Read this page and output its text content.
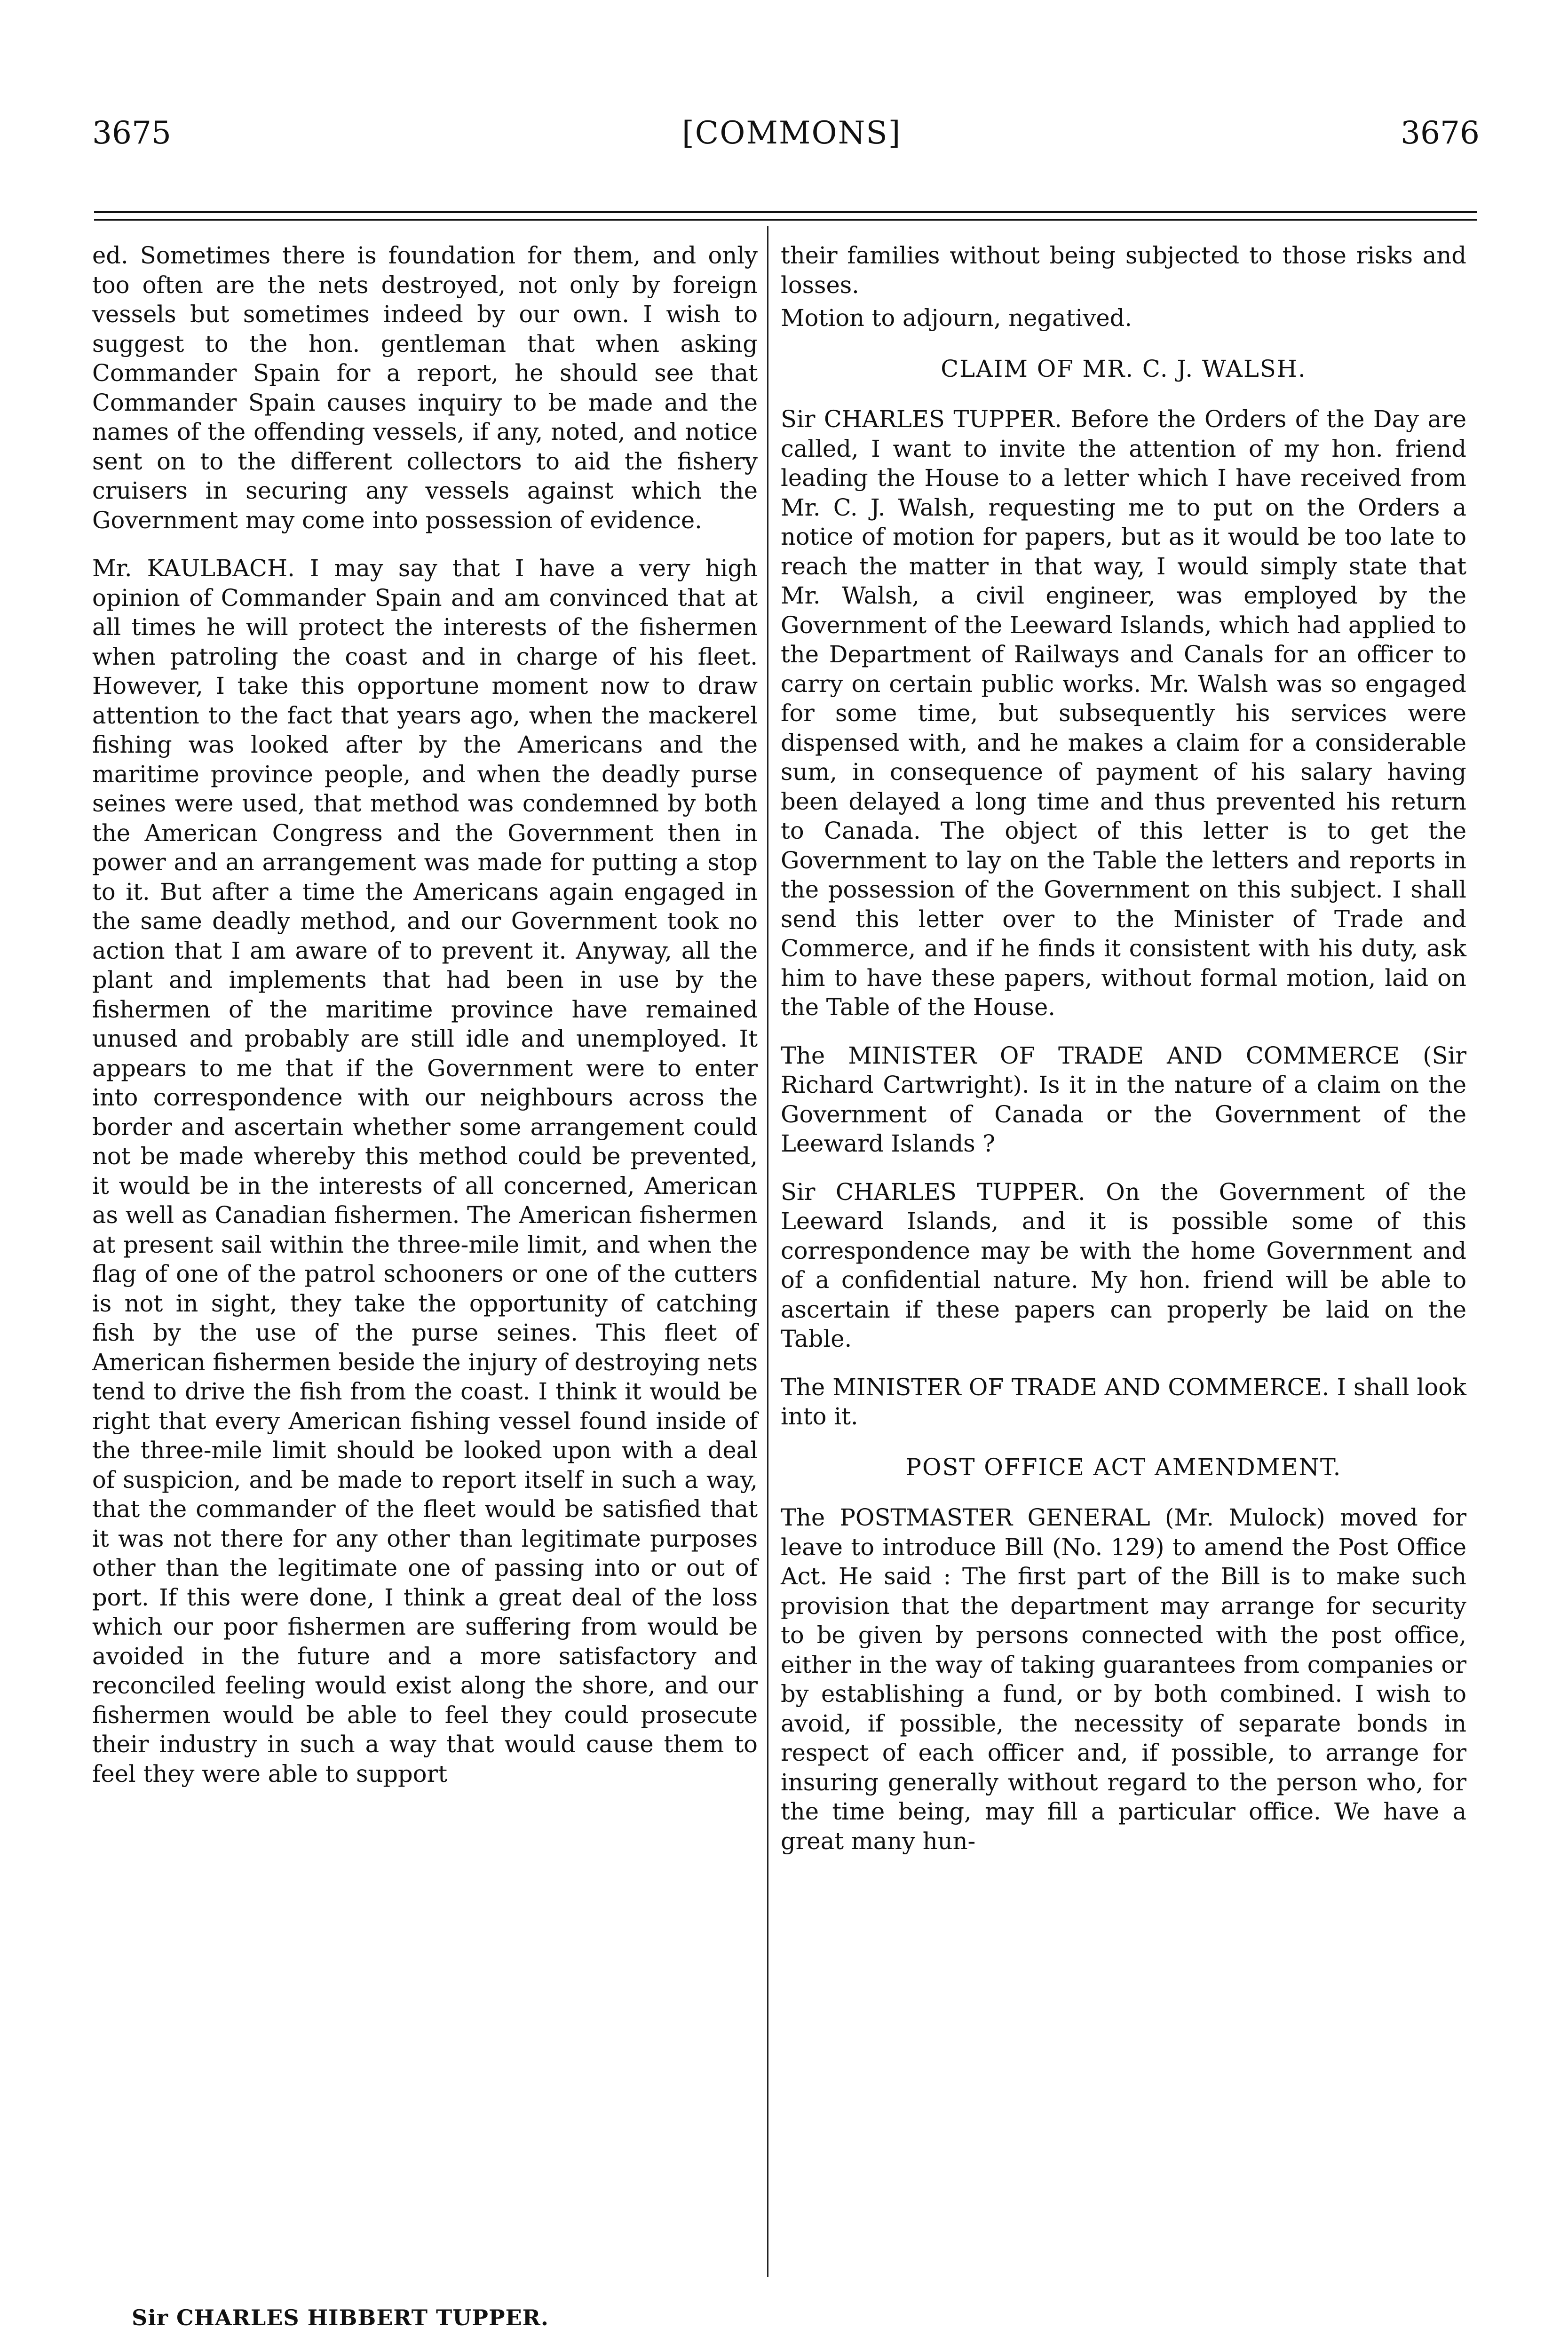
3675	[COMMONS]	3676

ed. Sometimes there is foundation for them, and only too often are the nets destroyed, not only by foreign vessels but sometimes indeed by our own. I wish to suggest to the hon. gentleman that when asking Commander Spain for a report, he should see that Commander Spain causes inquiry to be made and the names of the offending vessels, if any, noted, and notice sent on to the different collectors to aid the fishery cruisers in securing any vessels against which the Government may come into possession of evidence.

Mr. KAULBACH. I may say that I have a very high opinion of Commander Spain and am convinced that at all times he will protect the interests of the fishermen when patroling the coast and in charge of his fleet. However, I take this opportune moment now to draw attention to the fact that years ago, when the mackerel fishing was looked after by the Americans and the maritime province people, and when the deadly purse seines were used, that method was condemned by both the American Congress and the Government then in power and an arrangement was made for putting a stop to it. But after a time the Americans again engaged in the same deadly method, and our Government took no action that I am aware of to prevent it. Anyway, all the plant and implements that had been in use by the fishermen of the maritime province have remained unused and probably are still idle and unemployed. It appears to me that if the Government were to enter into correspondence with our neighbours across the border and ascertain whether some arrangement could not be made whereby this method could be prevented, it would be in the interests of all concerned, American as well as Canadian fishermen. The American fishermen at present sail within the three-mile limit, and when the flag of one of the patrol schooners or one of the cutters is not in sight, they take the opportunity of catching fish by the use of the purse seines. This fleet of American fishermen beside the injury of destroying nets tend to drive the fish from the coast. I think it would be right that every American fishing vessel found inside of the three-mile limit should be looked upon with a deal of suspicion, and be made to report itself in such a way, that the commander of the fleet would be satisfied that it was not there for any other than legitimate purposes other than the legitimate one of passing into or out of port. If this were done, I think a great deal of the loss which our poor fishermen are suffering from would be avoided in the future and a more satisfactory and reconciled feeling would exist along the shore, and our fishermen would be able to feel they could prosecute their industry in such a way that would cause them to feel they were able to support

their families without being subjected to those risks and losses.

Motion to adjourn, negatived.

CLAIM OF MR. C. J. WALSH.

Sir CHARLES TUPPER. Before the Orders of the Day are called, I want to invite the attention of my hon. friend leading the House to a letter which I have received from Mr. C. J. Walsh, requesting me to put on the Orders a notice of motion for papers, but as it would be too late to reach the matter in that way, I would simply state that Mr. Walsh, a civil engineer, was employed by the Government of the Leeward Islands, which had applied to the Department of Railways and Canals for an officer to carry on certain public works. Mr. Walsh was so engaged for some time, but subsequently his services were dispensed with, and he makes a claim for a considerable sum, in consequence of payment of his salary having been delayed a long time and thus prevented his return to Canada. The object of this letter is to get the Government to lay on the Table the letters and reports in the possession of the Government on this subject. I shall send this letter over to the Minister of Trade and Commerce, and if he finds it consistent with his duty, ask him to have these papers, without formal motion, laid on the Table of the House.

The MINISTER OF TRADE AND COMMERCE (Sir Richard Cartwright). Is it in the nature of a claim on the Government of Canada or the Government of the Leeward Islands ?

Sir CHARLES TUPPER. On the Government of the Leeward Islands, and it is possible some of this correspondence may be with the home Government and of a confidential nature. My hon. friend will be able to ascertain if these papers can properly be laid on the Table.

The MINISTER OF TRADE AND COMMERCE. I shall look into it.

POST OFFICE ACT AMENDMENT.

The POSTMASTER GENERAL (Mr. Mulock) moved for leave to introduce Bill (No. 129) to amend the Post Office Act. He said : The first part of the Bill is to make such provision that the department may arrange for security to be given by persons connected with the post office, either in the way of taking guarantees from companies or by establishing a fund, or by both combined. I wish to avoid, if possible, the necessity of separate bonds in respect of each officer and, if possible, to arrange for insuring generally without regard to the person who, for the time being, may fill a particular office. We have a great many hun-

Sir CHARLES HIBBERT TUPPER.
